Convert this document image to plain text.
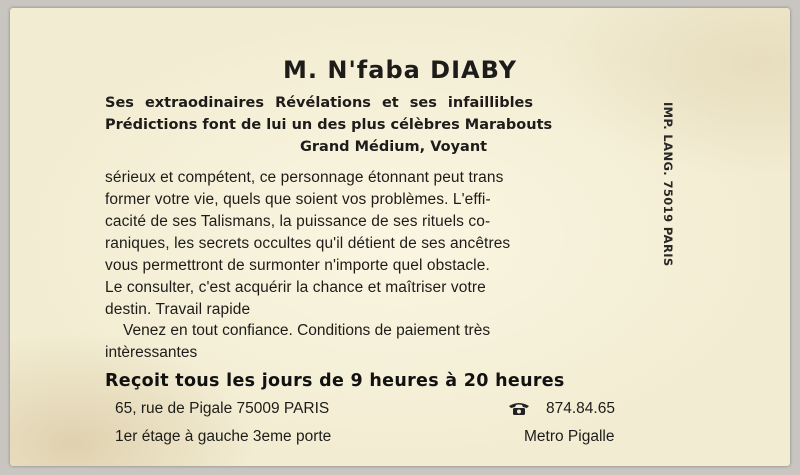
M. N'faba DIABY
Ses extraodinaires Révélations et ses infaillibles
Prédictions font de lui un des plus célèbres Marabouts
Grand Médium, Voyant
sérieux et compétent, ce personnage étonnant peut trans
former votre vie, quels que soient vos problèmes. L'effi-
cacité de ses Talismans, la puissance de ses rituels co-
raniques, les secrets occultes qu'il détient de ses ancêtres
vous permettront de surmonter n'importe quel obstacle.
Le consulter, c'est acquérir la chance et maîtriser votre
destin. Travail rapide
Venez en tout confiance. Conditions de paiement très
intèressantes
Reçoit tous les jours de 9 heures à 20 heures
65, rue de Pigale 75009 PARIS
1er étage à gauche 3eme porte
874.84.65
Metro Pigalle
IMP. LANG. 75019 PARIS
